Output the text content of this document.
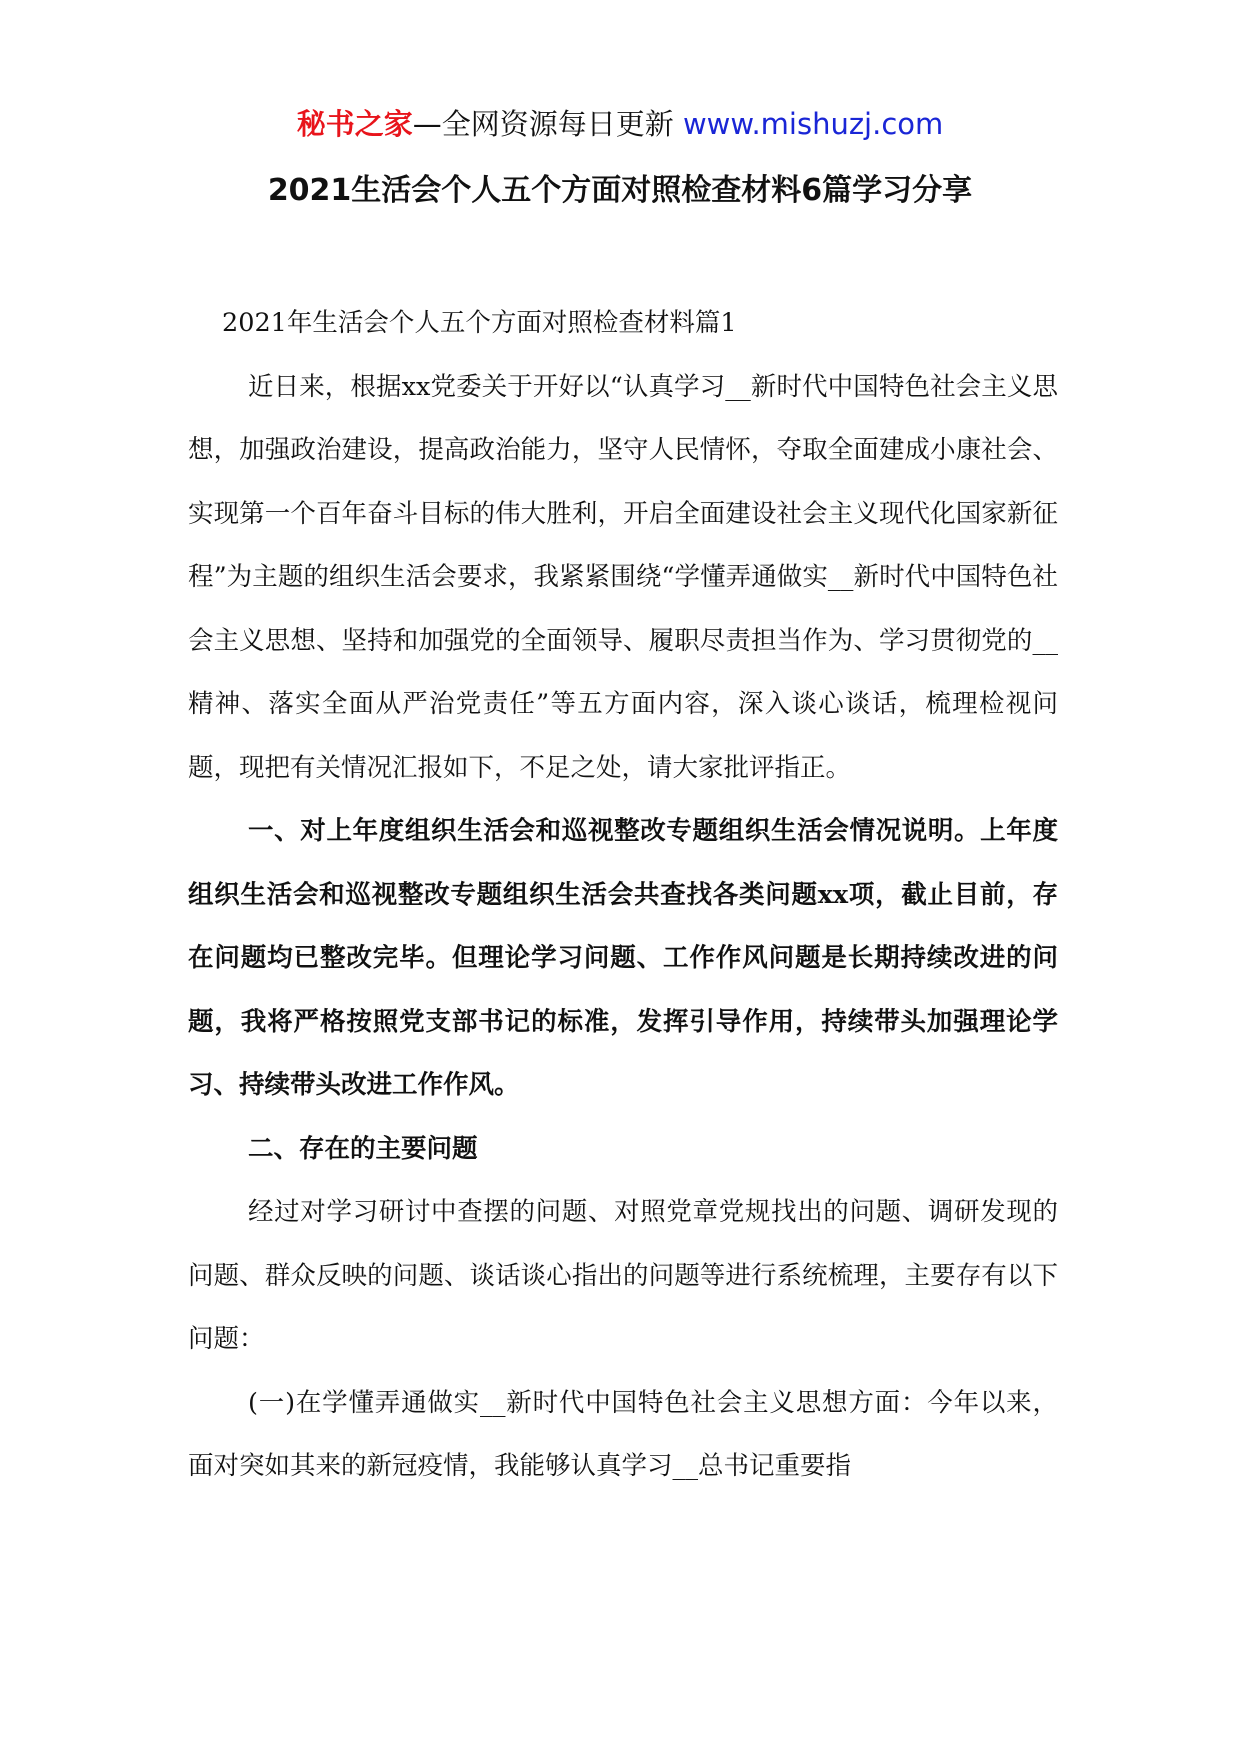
秘书之家—全网资源每日更新 www.mishuzj.com
2021生活会个人五个方面对照检查材料6篇学习分享

2021年生活会个人五个方面对照检查材料篇1

近日来，根据xx党委关于开好以“认真学习__新时代中国特色社会主义思想，加强政治建设，提高政治能力，坚守人民情怀，夺取全面建成小康社会、实现第一个百年奋斗目标的伟大胜利，开启全面建设社会主义现代化国家新征程”为主题的组织生活会要求，我紧紧围绕“学懂弄通做实__新时代中国特色社会主义思想、坚持和加强党的全面领导、履职尽责担当作为、学习贯彻党的__精神、落实全面从严治党责任”等五方面内容，深入谈心谈话，梳理检视问题，现把有关情况汇报如下，不足之处，请大家批评指正。

一、对上年度组织生活会和巡视整改专题组织生活会情况说明。上年度组织生活会和巡视整改专题组织生活会共查找各类问题xx项，截止目前，存在问题均已整改完毕。但理论学习问题、工作作风问题是长期持续改进的问题，我将严格按照党支部书记的标准，发挥引导作用，持续带头加强理论学习、持续带头改进工作作风。

二、存在的主要问题

经过对学习研讨中查摆的问题、对照党章党规找出的问题、调研发现的问题、群众反映的问题、谈话谈心指出的问题等进行系统梳理，主要存有以下问题：

(一)在学懂弄通做实__新时代中国特色社会主义思想方面：今年以来，面对突如其来的新冠疫情，我能够认真学习__总书记重要指
